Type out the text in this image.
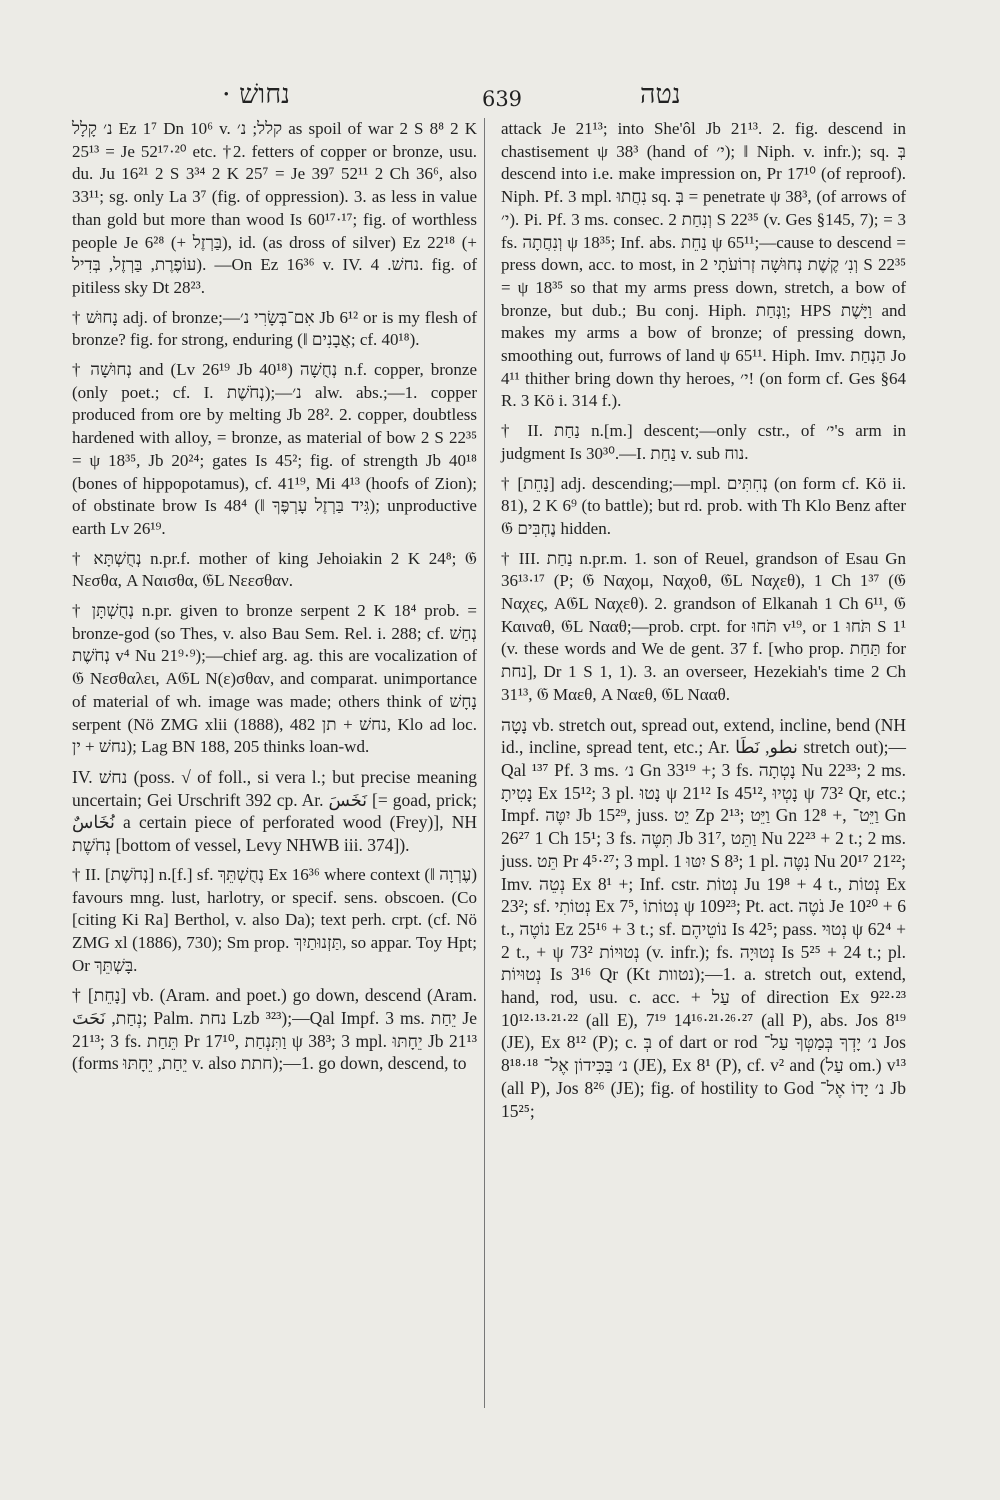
נחושׁ ·	639	נטה

נ׳ קָלָל Ez 1⁷ Dn 10⁶ v. קלל; נ׳ as spoil of war 2 S 8⁸ 2 K 25¹³ = Je 52¹⁷·²⁰ etc. †2. fetters of copper or bronze, usu. du. Ju 16²¹ 2 S 3³⁴ 2 K 25⁷ = Je 39⁷ 52¹¹ 2 Ch 36⁶, also 33¹¹; sg. only La 3⁷ (fig. of oppression). 3. as less in value than gold but more than wood Is 60¹⁷·¹⁷; fig. of worthless people Je 6²⁸ (+ בַּרְזֶל), id. (as dross of silver) Ez 22¹⁸ (+ עוֹפֶרֶת, בַּרְזֶל, בְּדִיל). —On Ez 16³⁶ v. IV. נחשׁ. 4. fig. of pitiless sky Dt 28²³.

† נָחוּשׁ adj. of bronze;—אִם־בְּשָׂרִי נ׳ Jb 6¹² or is my flesh of bronze? fig. for strong, enduring (‖ אֲבָנִים; cf. 40¹⁸).

† נְחוּשָׁה and (Lv 26¹⁹ Jb 40¹⁸) נְחֻשָׁה n.f. copper, bronze (only poet.; cf. I. נְחֹשֶׁת);—נ׳ alw. abs.;—1. copper produced from ore by melting Jb 28². 2. copper, doubtless hardened with alloy, = bronze, as material of bow 2 S 22³⁵ = ψ 18³⁵, Jb 20²⁴; gates Is 45²; fig. of strength Jb 40¹⁸ (bones of hippopotamus), cf. 41¹⁹, Mi 4¹³ (hoofs of Zion); of obstinate brow Is 48⁴ (‖ גִּיד בַּרְזֶל עָרְפֶּךָ); unproductive earth Lv 26¹⁹.

† נְחֻשְׁתָּא n.pr.f. mother of king Jehoiakin 2 K 24⁸; 𝔊 Νεσθα, A Ναισθα, 𝔊L Νεεσθαν.

† נְחֻשְׁתָּן n.pr. given to bronze serpent 2 K 18⁴ prob. = bronze-god (so Thes, v. also Bau Sem. Rel. i. 288; cf. נְחַשׁ נְחֹשֶׁת v⁴ Nu 21⁹·⁹);—chief arg. ag. this are vocalization of 𝔊 Νεσθαλει, A𝔊L Ν(ε)σθαν, and comparat. unimportance of material of wh. image was made; others think of נָחָשׁ serpent (Nö ZMG xlii (1888), 482 נחשׁ + תן, Klo ad loc. נחשׁ + ין); Lag BN 188, 205 thinks loan-wd.

IV. נחשׁ (poss. √ of foll., si vera l.; but precise meaning uncertain; Gei Urschrift 392 cp. Ar. نَخَسَ [= goad, prick; نُخَاسٌ a certain piece of perforated wood (Frey)], NH נְחֹשֶׁת [bottom of vessel, Levy NHWB iii. 374]).

† II. [נְחֹשֶׁת] n.[f.] sf. נְחֻשְׁתֵּךְ Ex 16³⁶ where context (‖ עֶרְוָה) favours mng. lust, harlotry, or specif. sens. obscoen. (Co [citing Ki Ra] Berthol, v. also Da); text perh. crpt. (cf. Nö ZMG xl (1886), 730); Sm prop. תַּזְנוּתַיִךְ, so appar. Toy Hpt; Or בָּשְׁתֵּךְ.

† [נָחֵת] vb. (Aram. and poet.) go down, descend (Aram. נְחַת, نَحَتَ; Palm. נחת Lzb ³²³);—Qal Impf. 3 ms. יֵחַת Je 21¹³; 3 fs. תֵּחַת Pr 17¹⁰, וַתִּנְחַת ψ 38³; 3 mpl. יֵחָתּוּ Jb 21¹³ (forms יֵחַת, יֵחָתּוּ v. also חתת);—1. go down, descend, to

attack Je 21¹³; into She'ôl Jb 21¹³. 2. fig. descend in chastisement ψ 38³ (hand of י׳); ‖ Niph. v. infr.); sq. בְּ descend into i.e. make impression on, Pr 17¹⁰ (of reproof). Niph. Pf. 3 mpl. נִחֲתוּ sq. בְּ = penetrate ψ 38³, (of arrows of י׳). Pi. Pf. 3 ms. consec. וְנִחַת 2 S 22³⁵ (v. Ges §145, 7); = 3 fs. וְנִחֲתָה ψ 18³⁵; Inf. abs. נַחֵת ψ 65¹¹;—cause to descend = press down, acc. to most, in וְנִ׳ קֶשֶׁת נְחוּשָׁה זְרוֹעֹתָי 2 S 22³⁵ = ψ 18³⁵ so that my arms press down, stretch, a bow of bronze, but dub.; Bu conj. Hiph. וַנְּחַת; HPS וַיָּשֶׁת and makes my arms a bow of bronze; of pressing down, smoothing out, furrows of land ψ 65¹¹. Hiph. Imv. הַנְחַת Jo 4¹¹ thither bring down thy heroes, י׳! (on form cf. Ges §64 R. 3 Kö i. 314 f.).

† II. נַחַת n.[m.] descent;—only cstr., of י׳'s arm in judgment Is 30³⁰.—I. נַחַת v. sub נוח.

† [נָחֵת] adj. descending;—mpl. נְחִתִּים (on form cf. Kö ii. 81), 2 K 6⁹ (to battle); but rd. prob. with Th Klo Benz after 𝔊 נֶחְבִּים hidden.

† III. נַחַת n.pr.m. 1. son of Reuel, grandson of Esau Gn 36¹³·¹⁷ (P; 𝔊 Ναχομ, Ναχοθ, 𝔊L Ναχεθ), 1 Ch 1³⁷ (𝔊 Ναχες, A𝔊L Ναχεθ). 2. grandson of Elkanah 1 Ch 6¹¹, 𝔊 Καιναθ, 𝔊L Νααθ;—prob. crpt. for תֹּחוּ v¹⁹, or תֹּחוּ 1 S 1¹ (v. these words and We de gent. 37 f. [who prop. תַּחַת for נחת], Dr 1 S 1, 1). 3. an overseer, Hezekiah's time 2 Ch 31¹³, 𝔊 Μαεθ, A Ναεθ, 𝔊L Νααθ.

נָטָה vb. stretch out, spread out, extend, incline, bend (NH id., incline, spread tent, etc.; Ar. نطو, نَطَا stretch out);—Qal ¹³⁷ Pf. 3 ms. נ׳ Gn 33¹⁹ +; 3 fs. נָטְתָה Nu 22³³; 2 ms. נָטִיתָ Ex 15¹²; 3 pl. נָטוּ ψ 21¹² Is 45¹², נָטְיוּ ψ 73² Qr, etc.; Impf. יִטֶּה Jb 15²⁹, juss. יֵט Zp 2¹³; וַיֵּט Gn 12⁸ +, וַיֵּט־ Gn 26²⁷ 1 Ch 15¹; 3 fs. תִּטֶּה Jb 31⁷, וַתֵּט Nu 22²³ + 2 t.; 2 ms. juss. תֵּט Pr 4⁵·²⁷; 3 mpl. יִטּוּ 1 S 8³; 1 pl. נִטֶּה Nu 20¹⁷ 21²²; Imv. נְטֵה Ex 8¹ +; Inf. cstr. נְטוֹת Ju 19⁸ + 4 t., נְטוֹת Ex 23²; sf. נְטוֹתִי Ex 7⁵, נְטוֹתוֹ ψ 109²³; Pt. act. נֹטֶה Je 10²⁰ + 6 t., נוֹטֶה Ez 25¹⁶ + 3 t.; sf. נוֹטֵיהֶם Is 42⁵; pass. נְטוּי ψ 62⁴ + 2 t., + ψ 73² נְטוּיוֹת (v. infr.); fs. נְטוּיָה Is 5²⁵ + 24 t.; pl. נְטוּיוֹת Is 3¹⁶ Qr (Kt נטוות);—1. a. stretch out, extend, hand, rod, usu. c. acc. + עַל of direction Ex 9²²·²³ 10¹²·¹³·²¹·²² (all E), 7¹⁹ 14¹⁶·²¹·²⁶·²⁷ (all P), abs. Jos 8¹⁹ (JE), Ex 8¹² (P); c. בְּ of dart or rod נ׳ יָדְךָ בְּמַטְּךָ עַל־ Jos 8¹⁸·¹⁸ נ׳ בַּכִּידוֹן אֶל־ (JE), Ex 8¹ (P), cf. v² and (עַל om.) v¹³ (all P), Jos 8²⁶ (JE); fig. of hostility to God נ׳ יָדוֹ אֶל־ Jb 15²⁵;
